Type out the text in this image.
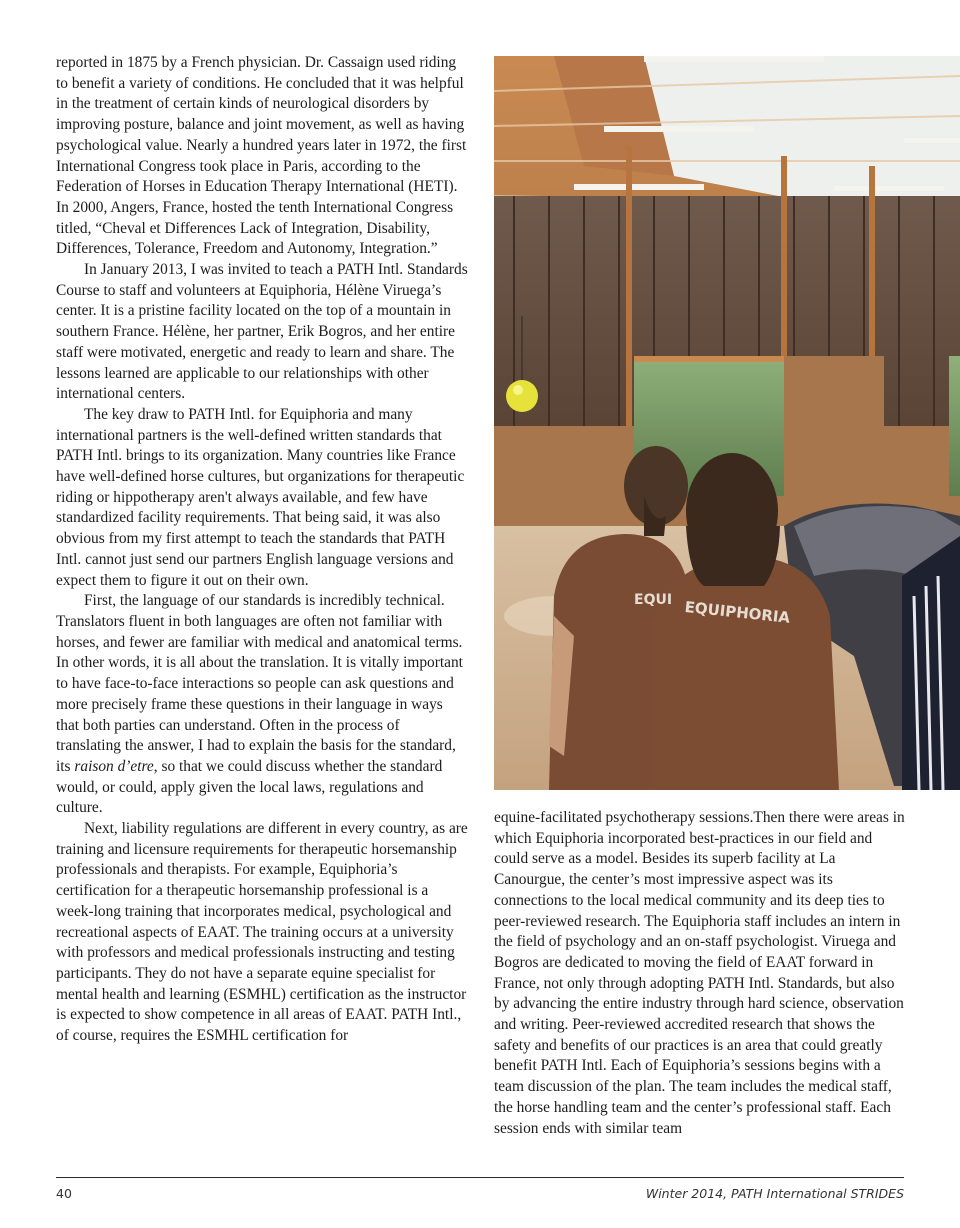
reported in 1875 by a French physician. Dr. Cassaign used riding to benefit a variety of conditions. He concluded that it was helpful in the treatment of certain kinds of neurological disorders by improving posture, balance and joint movement, as well as having psychological value. Nearly a hundred years later in 1972, the first International Congress took place in Paris, according to the Federation of Horses in Education Therapy International (HETI). In 2000, Angers, France, hosted the tenth International Congress titled, “Cheval et Differences Lack of Integration, Disability, Differences, Tolerance, Freedom and Autonomy, Integration.”

In January 2013, I was invited to teach a PATH Intl. Standards Course to staff and volunteers at Equiphoria, Hélène Viruega’s center. It is a pristine facility located on the top of a mountain in southern France. Hélène, her partner, Erik Bogros, and her entire staff were motivated, energetic and ready to learn and share. The lessons learned are applicable to our relationships with other international centers.

The key draw to PATH Intl. for Equiphoria and many international partners is the well-defined written standards that PATH Intl. brings to its organization. Many countries like France have well-defined horse cultures, but organizations for therapeutic riding or hippotherapy aren't always available, and few have standardized facility requirements. That being said, it was also obvious from my first attempt to teach the standards that PATH Intl. cannot just send our partners English language versions and expect them to figure it out on their own.

First, the language of our standards is incredibly technical. Translators fluent in both languages are often not familiar with horses, and fewer are familiar with medical and anatomical terms. In other words, it is all about the translation. It is vitally important to have face-to-face interactions so people can ask questions and more precisely frame these questions in their language in ways that both parties can understand. Often in the process of translating the answer, I had to explain the basis for the standard, its raison d’etre, so that we could discuss whether the standard would, or could, apply given the local laws, regulations and culture.

Next, liability regulations are different in every country, as are training and licensure requirements for therapeutic horsemanship professionals and therapists. For example, Equiphoria’s certification for a therapeutic horsemanship professional is a week-long training that incorporates medical, psychological and recreational aspects of EAAT. The training occurs at a university with professors and medical professionals instructing and testing participants. They do not have a separate equine specialist for mental health and learning (ESMHL) certification as the instructor is expected to show competence in all areas of EAAT. PATH Intl., of course, requires the ESMHL certification for

EQUIPHORIA
EQUI

equine-facilitated psychotherapy sessions.Then there were areas in which Equiphoria incorporated best-practices in our field and could serve as a model. Besides its superb facility at La Canourgue, the center’s most impressive aspect was its connections to the local medical community and its deep ties to peer-reviewed research. The Equiphoria staff includes an intern in the field of psychology and an on-staff psychologist. Viruega and Bogros are dedicated to moving the field of EAAT forward in France, not only through adopting PATH Intl. Standards, but also by advancing the entire industry through hard science, observation and writing. Peer-reviewed accredited research that shows the safety and benefits of our practices is an area that could greatly benefit PATH Intl. Each of Equiphoria’s sessions begins with a team discussion of the plan. The team includes the medical staff, the horse handling team and the center’s professional staff. Each session ends with similar team

40	Winter 2014, PATH International STRIDES
